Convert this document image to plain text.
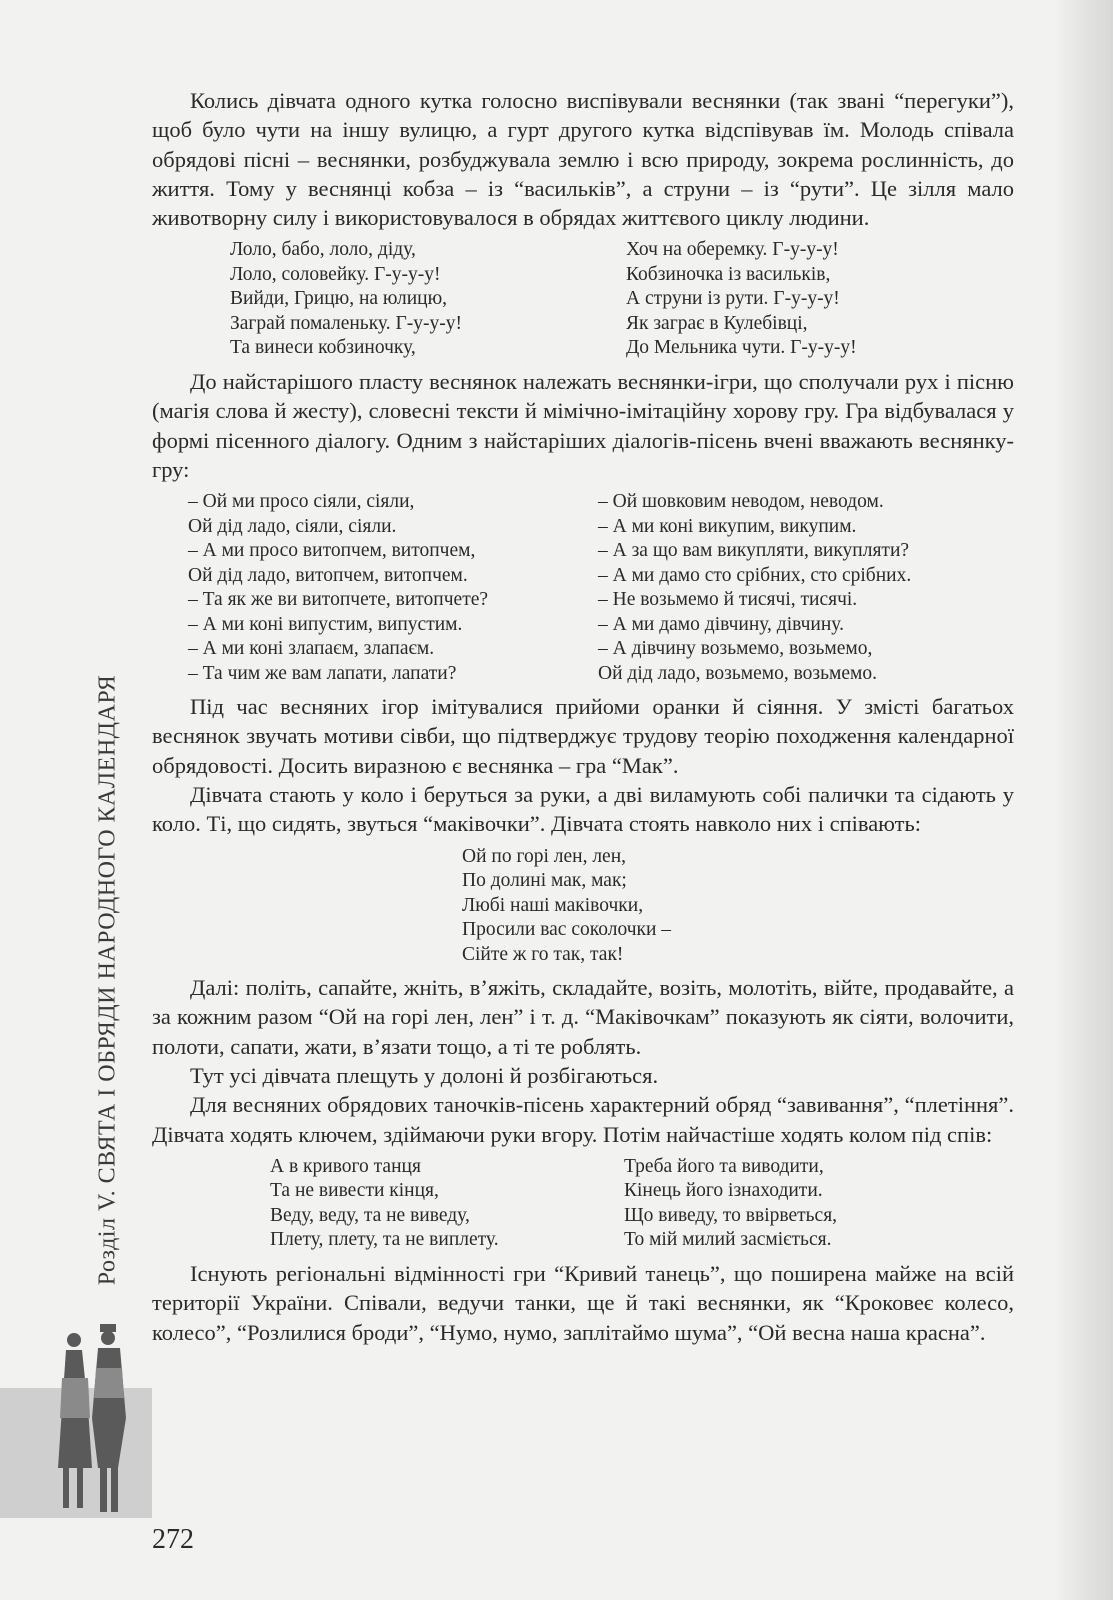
Розділ V. СВЯТА І ОБРЯДИ НАРОДНОГО КАЛЕНДАРЯ

Колись дівчата одного кутка голосно виспівували веснянки (так звані “перегуки”), щоб було чути на іншу вулицю, а гурт другого кутка відспівував їм. Молодь співала обрядові пісні – веснянки, розбуджувала землю і всю природу, зокрема рослинність, до життя. Тому у веснянці кобза – із “васильків”, а струни – із “рути”. Це зілля мало животворну силу і використовувалося в обрядах життєвого циклу людини.

Лоло, бабо, лоло, діду,
Лоло, соловейку. Г-у-у-у!
Вийди, Грицю, на юлицю,
Заграй помаленьку. Г-у-у-у!
Та винеси кобзиночку,
Хоч на оберемку. Г-у-у-у!
Кобзиночка із васильків,
А струни із рути. Г-у-у-у!
Як заграє в Кулебівці,
До Мельника чути. Г-у-у-у!

До найстарішого пласту веснянок належать веснянки-ігри, що сполучали рух і пісню (магія слова й жесту), словесні тексти й мімічно-імітаційну хорову гру. Гра відбувалася у формі пісенного діалогу. Одним з найстаріших діалогів-пісень вчені вважають веснянку-гру:

– Ой ми просо сіяли, сіяли,
Ой дід ладо, сіяли, сіяли.
– А ми просо витопчем, витопчем,
Ой дід ладо, витопчем, витопчем.
– Та як же ви витопчете, витопчете?
– А ми коні випустим, випустим.
– А ми коні злапаєм, злапаєм.
– Та чим же вам лапати, лапати?
– Ой шовковим неводом, неводом.
– А ми коні викупим, викупим.
– А за що вам викупляти, викупляти?
– А ми дамо сто срібних, сто срібних.
– Не возьмемо й тисячі, тисячі.
– А ми дамо дівчину, дівчину.
– А дівчину возьмемо, возьмемо,
Ой дід ладо, возьмемо, возьмемо.

Під час весняних ігор імітувалися прийоми оранки й сіяння. У змісті багатьох веснянок звучать мотиви сівби, що підтверджує трудову теорію походження календарної обрядовості. Досить виразною є веснянка – гра “Мак”.

Дівчата стають у коло і беруться за руки, а дві виламують собі палички та сідають у коло. Ті, що сидять, звуться “маківочки”. Дівчата стоять навколо них і співають:

Ой по горі лен, лен,
По долині мак, мак;
Любі наші маківочки,
Просили вас соколочки –
Сійте ж го так, так!

Далі: політь, сапайте, жніть, в’яжіть, складайте, возіть, молотіть, війте, продавайте, а за кожним разом “Ой на горі лен, лен” і т. д. “Маківочкам” показують як сіяти, волочити, полоти, сапати, жати, в’язати тощо, а ті те роблять.

Тут усі дівчата плещуть у долоні й розбігаються.

Для весняних обрядових таночків-пісень характерний обряд “завивання”, “плетіння”. Дівчата ходять ключем, здіймаючи руки вгору. Потім найчастіше ходять колом під спів:

А в кривого танця
Та не вивести кінця,
Веду, веду, та не виведу,
Плету, плету, та не виплету.
Треба його та виводити,
Кінець його ізнаходити.
Що виведу, то ввірветься,
То мій милий засміється.

Існують регіональні відмінності гри “Кривий танець”, що поширена майже на всій території України. Співали, ведучи танки, ще й такі веснянки, як “Кроковеє колесо, колесо”, “Розлилися броди”, “Нумо, нумо, заплітаймо шума”, “Ой весна наша красна”.

272
